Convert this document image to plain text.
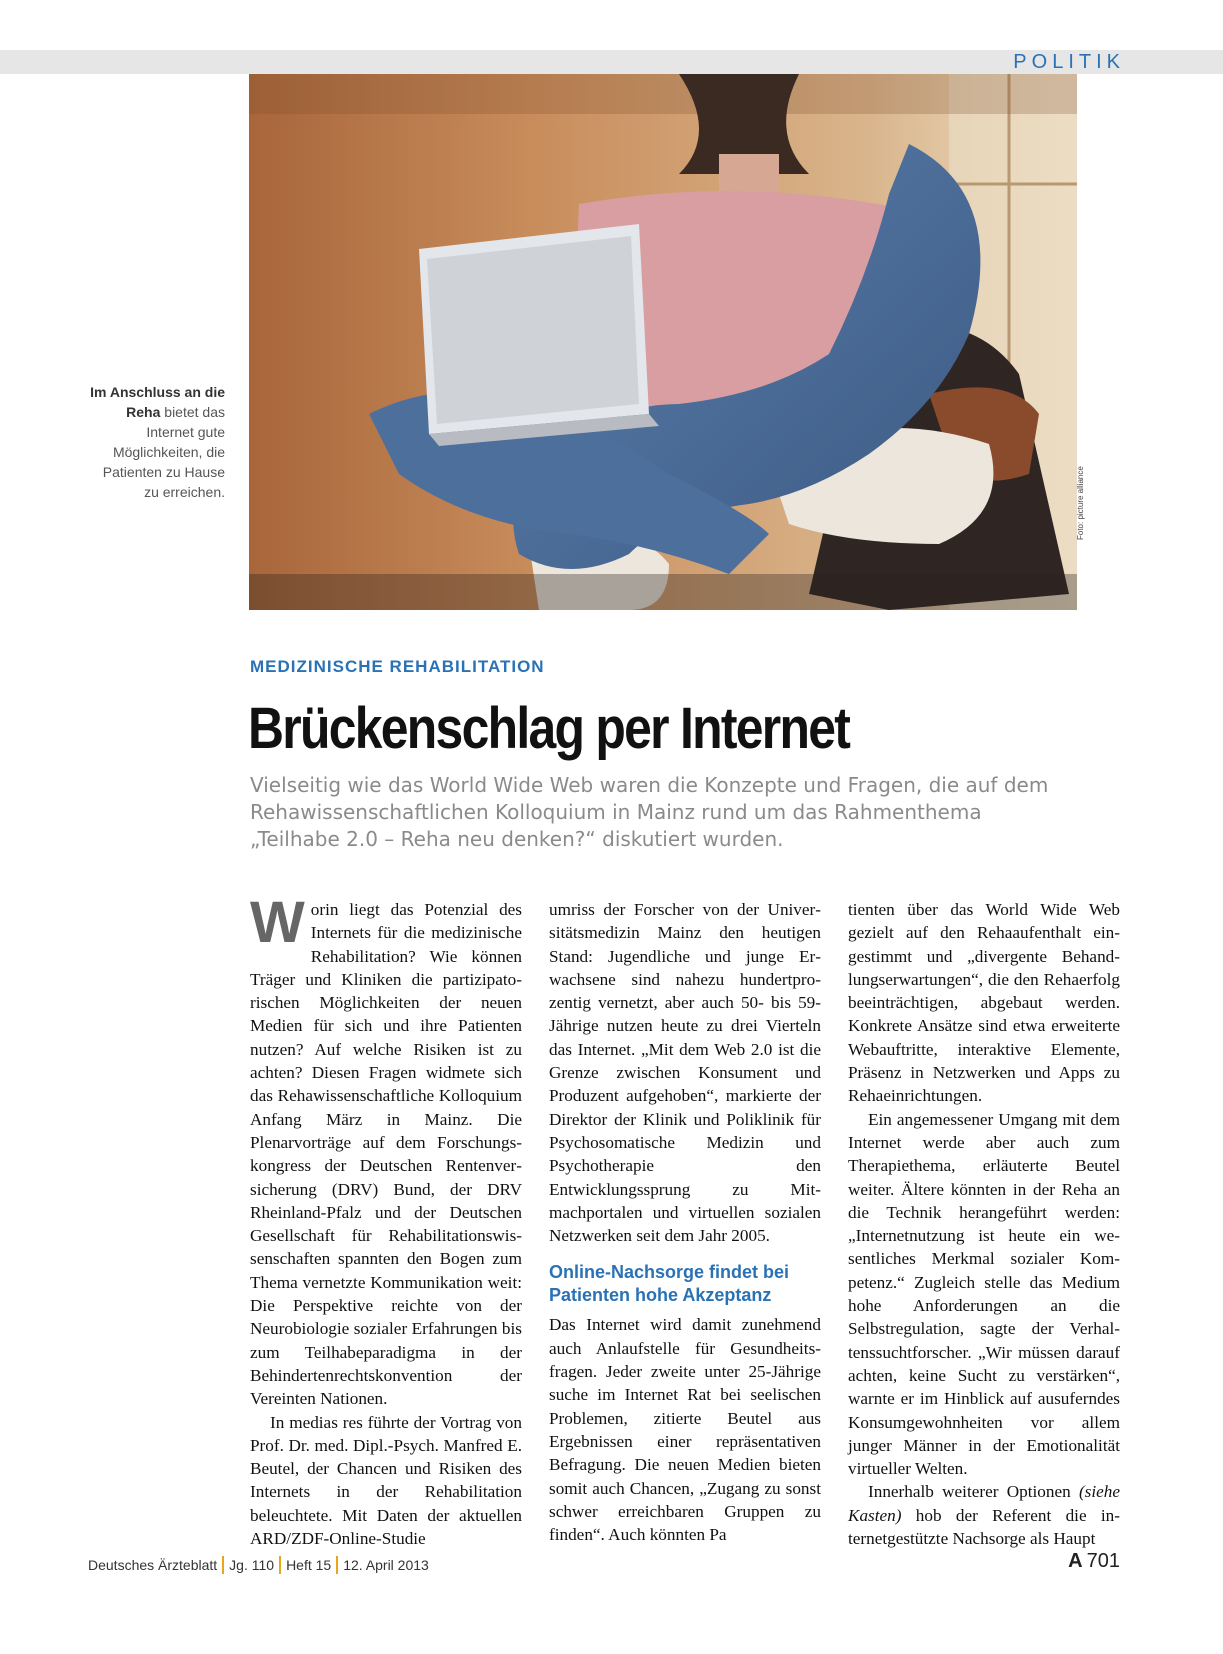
POLITIK
Foto: picture alliance
Im Anschluss an die Reha bietet das Internet gute Möglichkeiten, die Patienten zu Hause zu erreichen.
MEDIZINISCHE REHABILITATION
Brückenschlag per Internet

Vielseitig wie das World Wide Web waren die Konzepte und Fragen, die auf dem Rehawissenschaftlichen Kolloquium in Mainz rund um das Rahmenthema „Teilhabe 2.0 – Reha neu denken?“ diskutiert wurden.

Worin liegt das Potenzial des Internets für die medizinische Rehabilitation? Wie können Träger und Kliniken die partizipatorischen Möglichkeiten der neuen Medien für sich und ihre Patienten nutzen? Auf welche Risiken ist zu achten? Diesen Fragen widmete sich das Rehawissenschaftliche Kolloquium Anfang März in Mainz. Die Plenarvorträge auf dem Forschungskongress der Deutschen Rentenversicherung (DRV) Bund, der DRV Rheinland-Pfalz und der Deutschen Gesellschaft für Rehabilitationswissenschaften spannten den Bogen zum Thema vernetzte Kommunikation weit: Die Perspektive reichte von der Neurobiologie sozialer Erfahrungen bis zum Teilhabeparadigma in der Behindertenrechtskonvention der Vereinten Nationen.

In medias res führte der Vortrag von Prof. Dr. med. Dipl.-Psych. Manfred E. Beutel, der Chancen und Risiken des Internets in der Rehabilitation beleuchtete. Mit Daten der aktuellen ARD/ZDF-Online-Studie

umriss der Forscher von der Universitätsmedizin Mainz den heutigen Stand: Jugendliche und junge Erwachsene sind nahezu hundertprozentig vernetzt, aber auch 50- bis 59-Jährige nutzen heute zu drei Vierteln das Internet. „Mit dem Web 2.0 ist die Grenze zwischen Konsument und Produzent aufgehoben“, markierte der Direktor der Klinik und Poliklinik für Psychosomatische Medizin und Psychotherapie den Entwicklungssprung zu Mitmachportalen und virtuellen sozialen Netzwerken seit dem Jahr 2005.

Online-Nachsorge findet bei Patienten hohe Akzeptanz

Das Internet wird damit zunehmend auch Anlaufstelle für Gesundheitsfragen. Jeder zweite unter 25-Jährige suche im Internet Rat bei seelischen Problemen, zitierte Beutel aus Ergebnissen einer repräsentativen Befragung. Die neuen Medien bieten somit auch Chancen, „Zugang zu sonst schwer erreichbaren Gruppen zu finden“. Auch könnten Pa

tienten über das World Wide Web gezielt auf den Rehaaufenthalt eingestimmt und „divergente Behandlungserwartungen“, die den Rehaerfolg beeinträchtigen, abgebaut werden. Konkrete Ansätze sind etwa erweiterte Webauftritte, interaktive Elemente, Präsenz in Netzwerken und Apps zu Rehaeinrichtungen.

Ein angemessener Umgang mit dem Internet werde aber auch zum Therapiethema, erläuterte Beutel weiter. Ältere könnten in der Reha an die Technik herangeführt werden: „Internetnutzung ist heute ein wesentliches Merkmal sozialer Kompetenz.“ Zugleich stelle das Medium hohe Anforderungen an die Selbstregulation, sagte der Verhaltenssuchtforscher. „Wir müssen darauf achten, keine Sucht zu verstärken“, warnte er im Hinblick auf ausuferndes Konsumgewohnheiten vor allem junger Männer in der Emotionalität virtueller Welten.

Innerhalb weiterer Optionen (siehe Kasten) hob der Referent die internetgestützte Nachsorge als Haupt

Deutsches Ärzteblatt Jg. 110 Heft 15 12. April 2013	A 701
